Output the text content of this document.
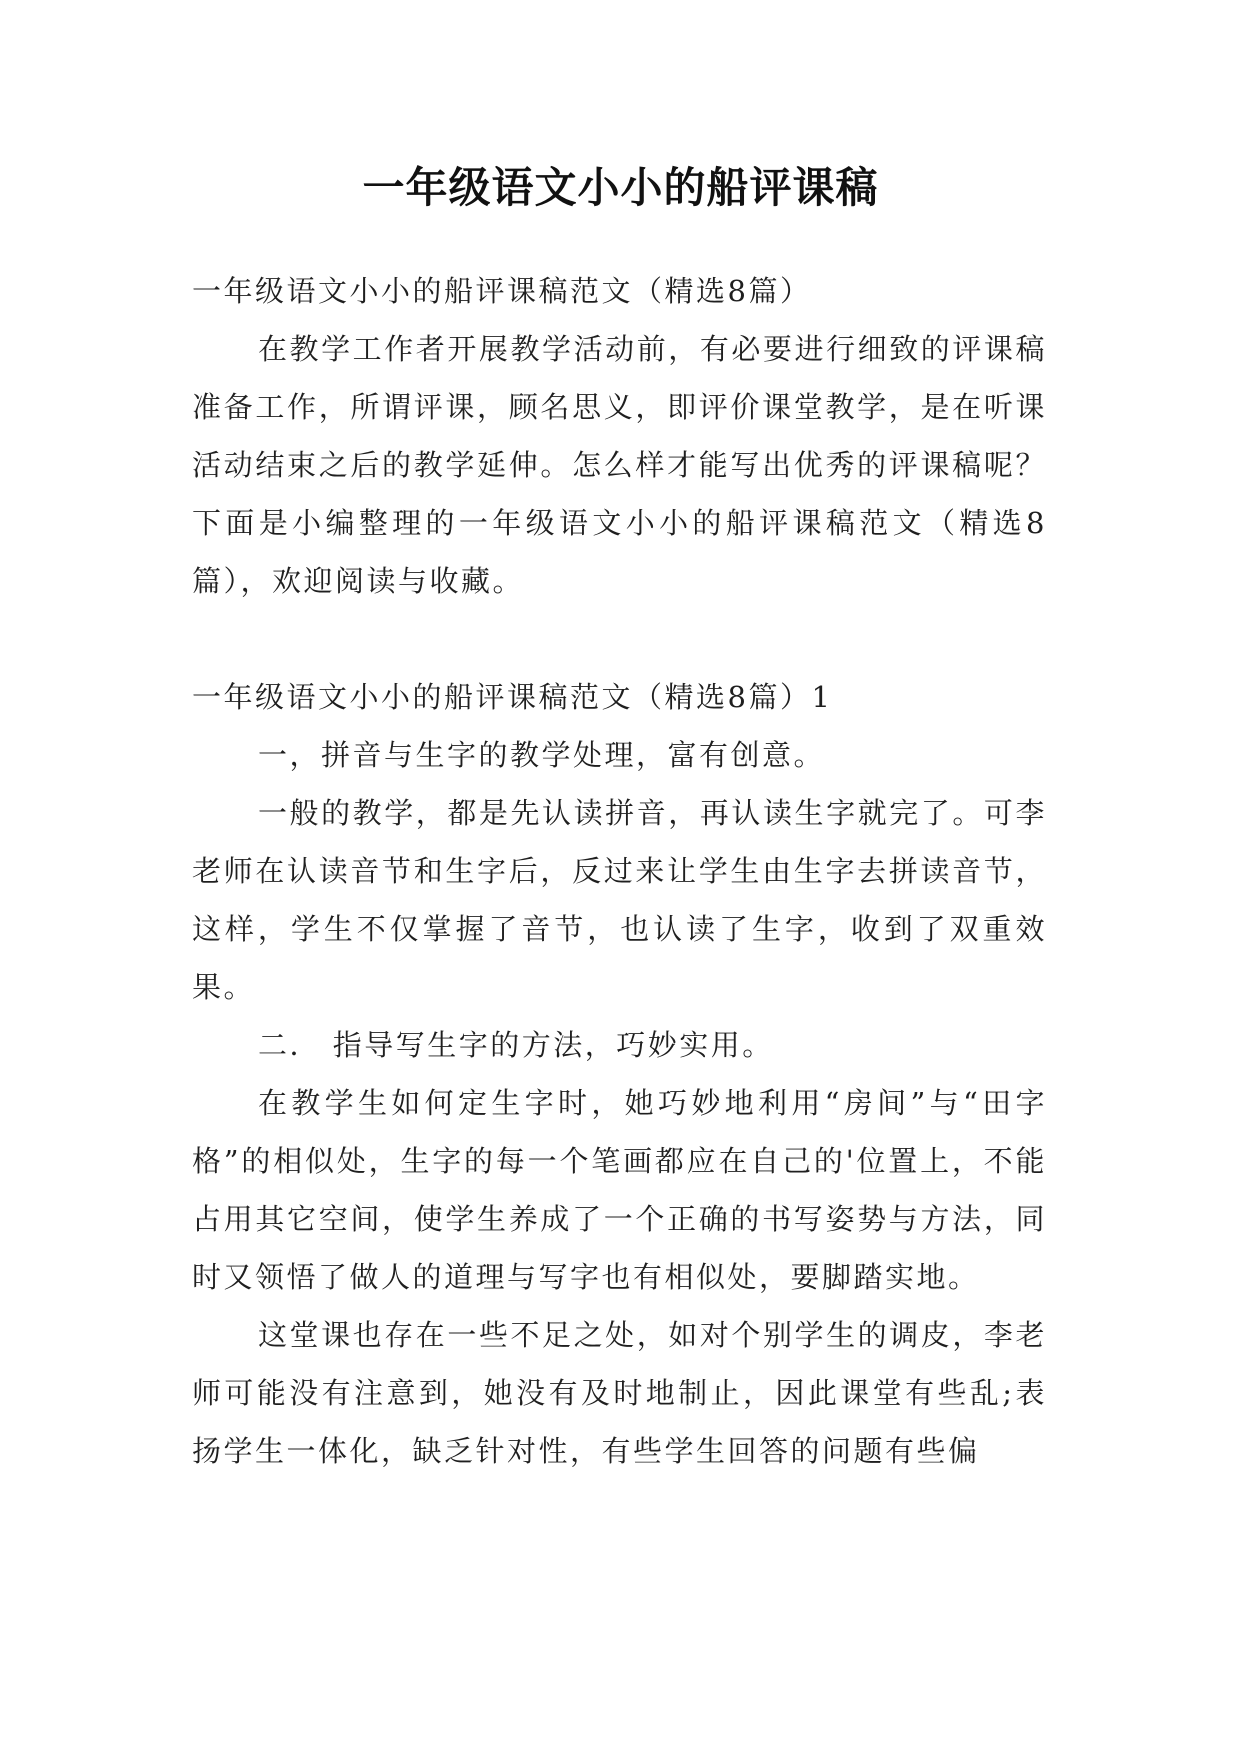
一年级语文小小的船评课稿

一年级语文小小的船评课稿范文（精选8篇）

在教学工作者开展教学活动前，有必要进行细致的评课稿准备工作，所谓评课，顾名思义，即评价课堂教学，是在听课活动结束之后的教学延伸。怎么样才能写出优秀的评课稿呢？下面是小编整理的一年级语文小小的船评课稿范文（精选8篇），欢迎阅读与收藏。

一年级语文小小的船评课稿范文（精选8篇）1

一，拼音与生字的教学处理，富有创意。

一般的教学，都是先认读拼音，再认读生字就完了。可李老师在认读音节和生字后，反过来让学生由生字去拼读音节，这样，学生不仅掌握了音节，也认读了生字，收到了双重效果。

二． 指导写生字的方法，巧妙实用。

在教学生如何定生字时，她巧妙地利用“房间”与“田字格”的相似处，生字的每一个笔画都应在自己的'位置上，不能占用其它空间，使学生养成了一个正确的书写姿势与方法，同时又领悟了做人的道理与写字也有相似处，要脚踏实地。

这堂课也存在一些不足之处，如对个别学生的调皮，李老师可能没有注意到，她没有及时地制止，因此课堂有些乱;表扬学生一体化，缺乏针对性，有些学生回答的问题有些偏
